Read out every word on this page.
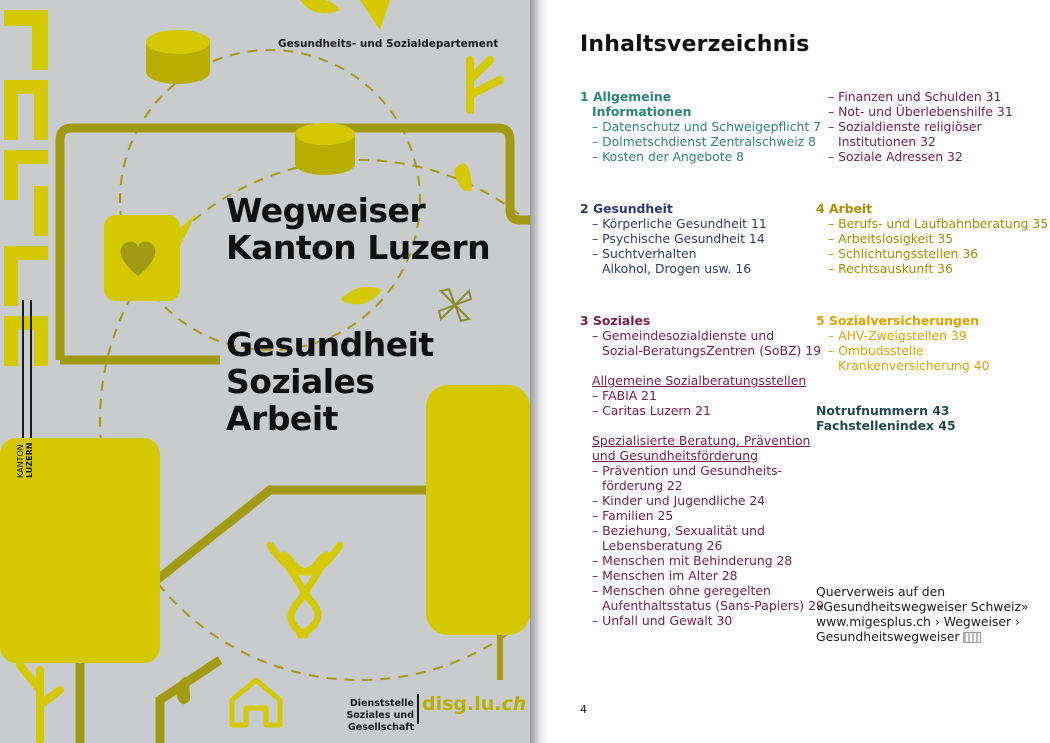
Gesundheits- und Sozialdepartement
Wegweiser
Kanton Luzern
Gesundheit
Soziales
Arbeit
KANTON LUZERN
Dienststelle
Soziales und Gesellschaft
disg.lu.ch
Inhaltsverzeichnis
1 Allgemeine
Informationen
– Datenschutz und Schweigepflicht 7
– Dolmetschdienst Zentralschweiz 8
– Kosten der Angebote 8
2 Gesundheit
– Körperliche Gesundheit 11
– Psychische Gesundheit 14
– Suchtverhalten
Alkohol, Drogen usw. 16
3 Soziales
– Gemeindesozialdienste und
Sozial-BeratungsZentren (SoBZ) 19
Allgemeine Sozialberatungsstellen
– FABIA 21
– Caritas Luzern 21
Spezialisierte Beratung, Prävention
und Gesundheitsförderung
– Prävention und Gesundheits-
förderung 22
– Kinder und Jugendliche 24
– Familien 25
– Beziehung, Sexualität und
Lebensberatung 26
– Menschen mit Behinderung 28
– Menschen im Alter 28
– Menschen ohne geregelten
Aufenthaltsstatus (Sans-Papiers) 29
– Unfall und Gewalt 30
– Finanzen und Schulden 31
– Not- und Überlebenshilfe 31
– Sozialdienste religiöser
Institutionen 32
– Soziale Adressen 32
4 Arbeit
– Berufs- und Laufbahnberatung 35
– Arbeitslosigkeit 35
– Schlichtungsstellen 36
– Rechtsauskunft 36
5 Sozialversicherungen
– AHV-Zweigstellen 39
– Ombudsstelle
Krankenversicherung 40
Notrufnummern 43
Fachstellenindex 45
Querverweis auf den
«Gesundheitswegweiser Schweiz»
www.migesplus.ch › Wegweiser ›
Gesundheitswegweiser
4
